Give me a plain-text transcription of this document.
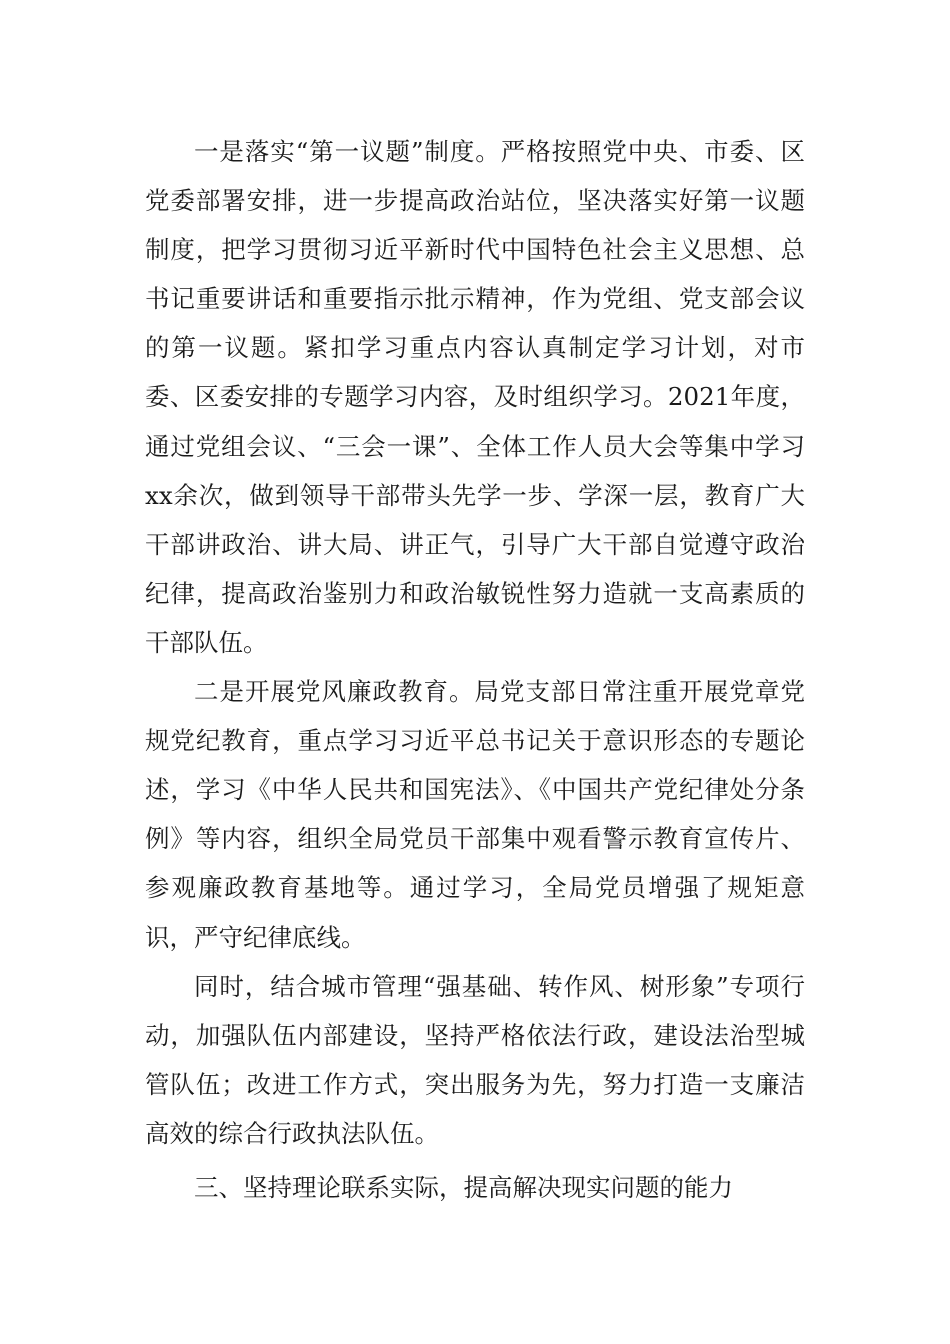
一是落实“第一议题”制度。严格按照党中央、市委、区党委部署安排，进一步提高政治站位，坚决落实好第一议题制度，把学习贯彻习近平新时代中国特色社会主义思想、总书记重要讲话和重要指示批示精神，作为党组、党支部会议的第一议题。紧扣学习重点内容认真制定学习计划，对市委、区委安排的专题学习内容，及时组织学习。2021年度，通过党组会议、“三会一课”、全体工作人员大会等集中学习xx余次，做到领导干部带头先学一步、学深一层，教育广大干部讲政治、讲大局、讲正气，引导广大干部自觉遵守政治纪律，提高政治鉴别力和政治敏锐性努力造就一支高素质的干部队伍。

二是开展党风廉政教育。局党支部日常注重开展党章党规党纪教育，重点学习习近平总书记关于意识形态的专题论述，学习《中华人民共和国宪法》、《中国共产党纪律处分条例》等内容，组织全局党员干部集中观看警示教育宣传片、参观廉政教育基地等。通过学习，全局党员增强了规矩意识，严守纪律底线。

同时，结合城市管理“强基础、转作风、树形象”专项行动，加强队伍内部建设，坚持严格依法行政，建设法治型城管队伍；改进工作方式，突出服务为先，努力打造一支廉洁高效的综合行政执法队伍。

三、坚持理论联系实际，提高解决现实问题的能力
